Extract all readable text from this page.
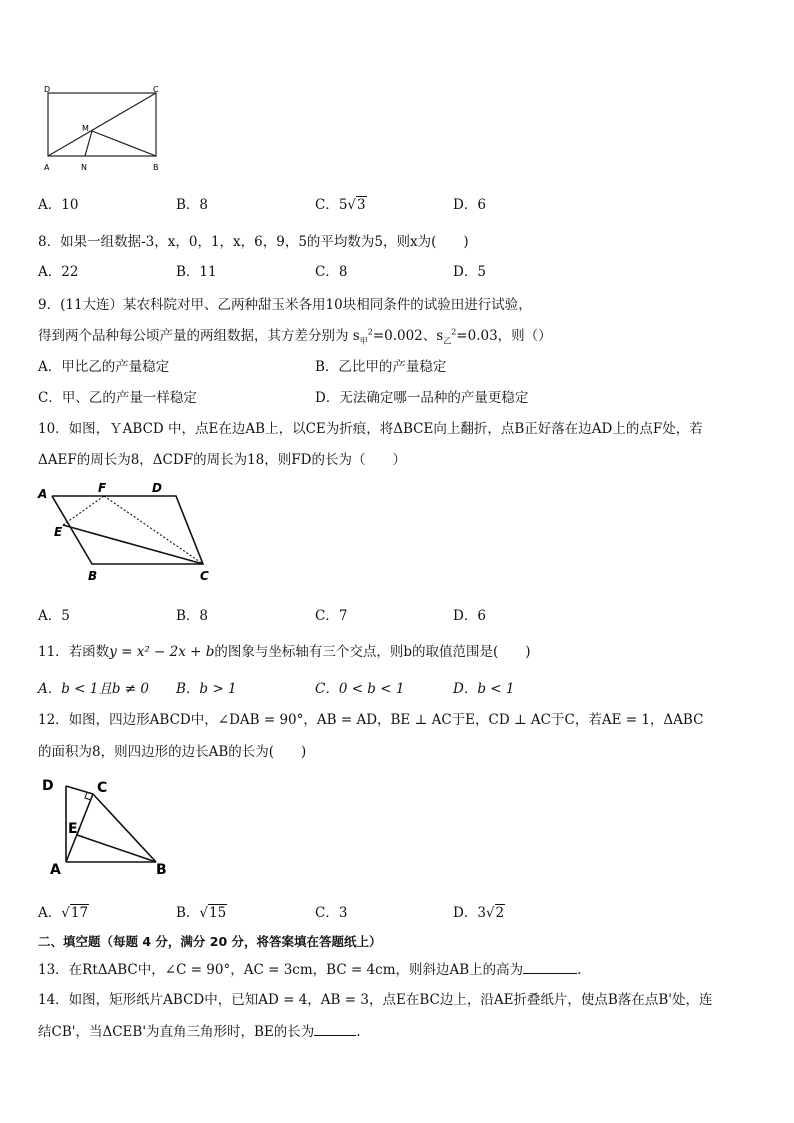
D	C
M
A	N	B
A．10	B．8	C．5√3	D．6
8．如果一组数据-3，x，0，1，x，6，9，5的平均数为5，则x为(　　)
A．22	B．11	C．8	D．5
9．(11大连）某农科院对甲、乙两种甜玉米各用10块相同条件的试验田进行试验，
得到两个品种每公顷产量的两组数据，其方差分别为 $s_甲^2=0.002$、$s_乙^2=0.03$，则（）
A．甲比乙的产量稳定	B．乙比甲的产量稳定
C．甲、乙的产量一样稳定	D．无法确定哪一品种的产量更稳定
10．如图，ＹABCD 中，点E在边AB上，以CE为折痕，将ΔBCE向上翻折，点B正好落在边AD上的点F处，若
ΔAEF的周长为8，ΔCDF的周长为18，则FD的长为（　　）
A	F	D
E
B	C
A．5	B．8	C．7	D．6
11．若函数y = x² − 2x + b的图象与坐标轴有三个交点，则b的取值范围是(　　)
A．b < 1且b ≠ 0 B．b > 1	C．0 < b < 1	D．b < 1
12．如图，四边形ABCD中，∠DAB = 90°，AB = AD，BE ⊥ AC于E，CD ⊥ AC于C，若AE = 1，ΔABC
的面积为8，则四边形的边长AB的长为(　　)
D	C
E
A	B
A．√17	B．√15	C．3	D．3√2
二、填空题（每题 4 分，满分 20 分，将答案填在答题纸上）
13．在RtΔABC中，∠C = 90°，AC = 3cm，BC = 4cm，则斜边AB上的高为	.
14．如图，矩形纸片ABCD中，已知AD = 4，AB = 3，点E在BC边上，沿AE折叠纸片，使点B落在点B'处，连
结CB'，当ΔCEB'为直角三角形时，BE的长为	.
